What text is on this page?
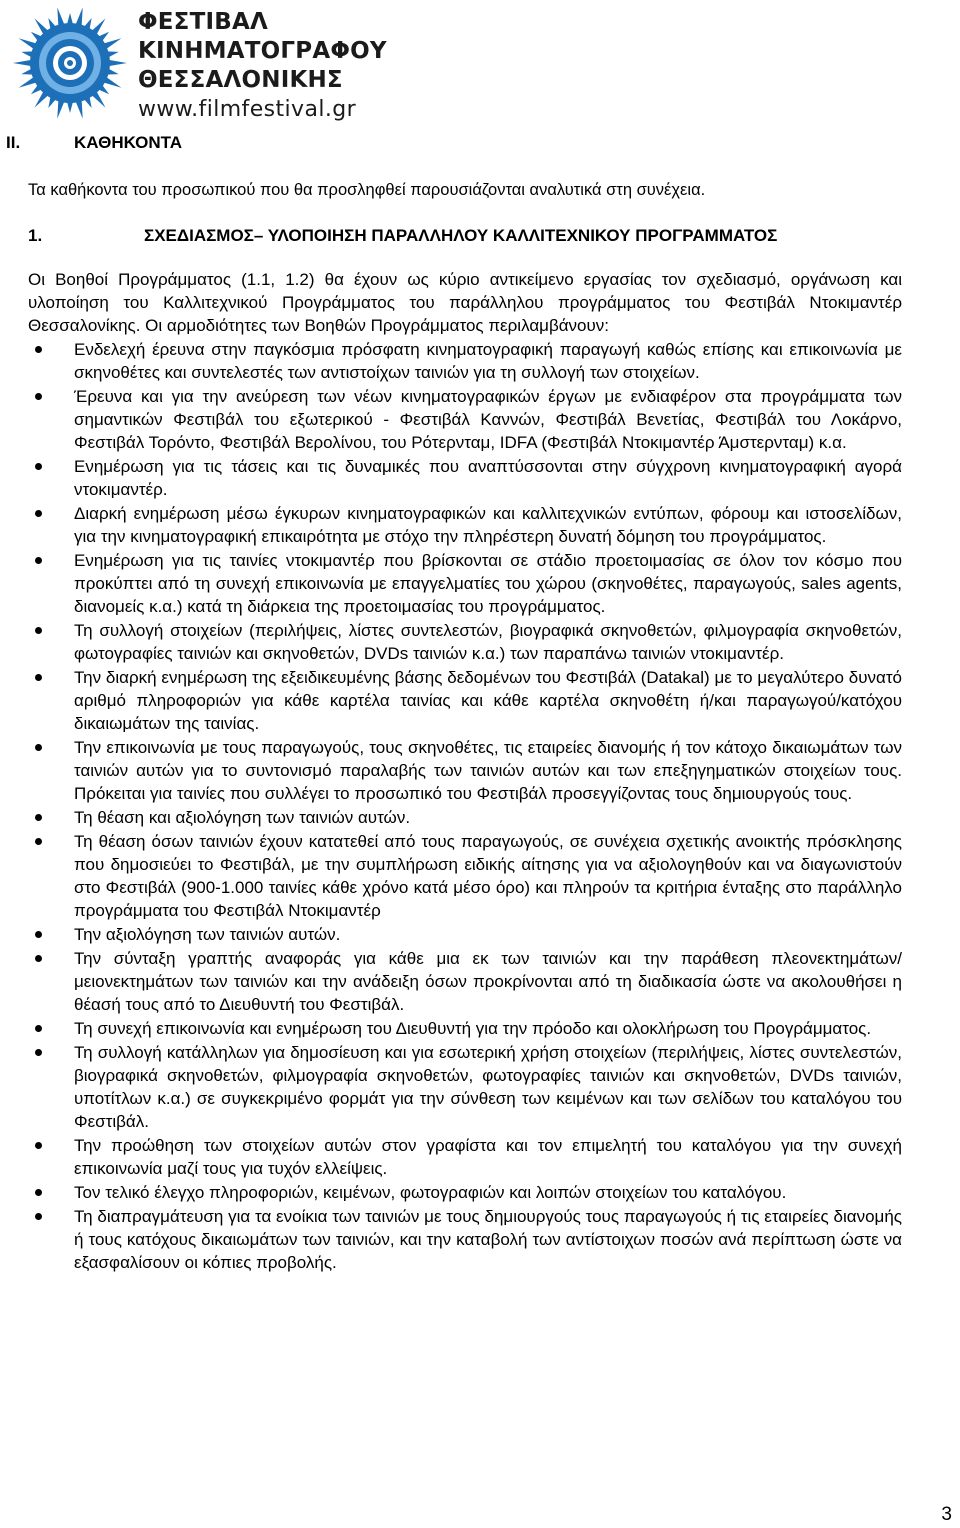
ΦΕΣΤΙΒΑΛ
ΚΙΝΗΜΑΤΟΓΡΑΦΟΥ
ΘΕΣΣΑΛΟΝΙΚΗΣ
www.filmfestival.gr
II.	ΚΑΘΗΚΟΝΤΑ

Τα καθήκοντα του προσωπικού που θα προσληφθεί παρουσιάζονται αναλυτικά στη συνέχεια.

1.	ΣΧΕΔΙΑΣΜΟΣ– ΥΛΟΠΟΙΗΣΗ ΠΑΡΑΛΛΗΛΟΥ ΚΑΛΛΙΤΕΧΝΙΚΟΥ ΠΡΟΓΡΑΜΜΑΤΟΣ

Οι Βοηθοί Προγράμματος (1.1, 1.2) θα έχουν ως κύριο αντικείμενο εργασίας τον σχεδιασμό, οργάνωση και υλοποίηση του Καλλιτεχνικού Προγράμματος του παράλληλου προγράμματος του Φεστιβάλ Ντοκιμαντέρ Θεσσαλονίκης. Οι αρμοδιότητες των Βοηθών Προγράμματος περιλαμβάνουν:

Ενδελεχή έρευνα στην παγκόσμια πρόσφατη κινηματογραφική παραγωγή καθώς επίσης και επικοινωνία με σκηνοθέτες και συντελεστές των αντιστοίχων ταινιών για τη συλλογή των στοιχείων.
Έρευνα και για την ανεύρεση των νέων κινηματογραφικών έργων με ενδιαφέρον στα προγράμματα των σημαντικών Φεστιβάλ του εξωτερικού - Φεστιβάλ Καννών, Φεστιβάλ Βενετίας, Φεστιβάλ του Λοκάρνο, Φεστιβάλ Τορόντο, Φεστιβάλ Βερολίνου, του Ρότερνταμ, IDFA (Φεστιβάλ Ντοκιμαντέρ Άμστερνταμ) κ.α.
Ενημέρωση για τις τάσεις και τις δυναμικές που αναπτύσσονται στην σύγχρονη κινηματογραφική αγορά ντοκιμαντέρ.
Διαρκή ενημέρωση μέσω έγκυρων κινηματογραφικών και καλλιτεχνικών εντύπων, φόρουμ και ιστοσελίδων, για την κινηματογραφική επικαιρότητα με στόχο την πληρέστερη δυνατή δόμηση του προγράμματος.
Ενημέρωση για τις ταινίες ντοκιμαντέρ που βρίσκονται σε στάδιο προετοιμασίας σε όλον τον κόσμο που προκύπτει από τη συνεχή επικοινωνία με επαγγελματίες του χώρου (σκηνοθέτες, παραγωγούς, sales agents, διανομείς κ.α.) κατά τη διάρκεια της προετοιμασίας του προγράμματος.
Τη συλλογή στοιχείων (περιλήψεις, λίστες συντελεστών, βιογραφικά σκηνοθετών, φιλμογραφία σκηνοθετών, φωτογραφίες ταινιών και σκηνοθετών, DVDs ταινιών κ.α.) των παραπάνω ταινιών ντοκιμαντέρ.
Την διαρκή ενημέρωση της εξειδικευμένης βάσης δεδομένων του Φεστιβάλ (Datakal) με το μεγαλύτερο δυνατό αριθμό πληροφοριών για κάθε καρτέλα ταινίας και κάθε καρτέλα σκηνοθέτη ή/και παραγωγού/κατόχου δικαιωμάτων της ταινίας.
Την επικοινωνία με τους παραγωγούς, τους σκηνοθέτες, τις εταιρείες διανομής ή τον κάτοχο δικαιωμάτων των ταινιών αυτών για το συντονισμό παραλαβής των ταινιών αυτών και των επεξηγηματικών στοιχείων τους. Πρόκειται για ταινίες που συλλέγει το προσωπικό του Φεστιβάλ προσεγγίζοντας τους δημιουργούς τους.
Τη θέαση και αξιολόγηση των ταινιών αυτών.
Τη θέαση όσων ταινιών έχουν κατατεθεί από τους παραγωγούς, σε συνέχεια σχετικής ανοικτής πρόσκλησης που δημοσιεύει το Φεστιβάλ, με την συμπλήρωση ειδικής αίτησης για να αξιολογηθούν και να διαγωνιστούν στο Φεστιβάλ (900-1.000 ταινίες κάθε χρόνο κατά μέσο όρο) και πληρούν τα κριτήρια ένταξης στο παράλληλο προγράμματα του Φεστιβάλ Ντοκιμαντέρ
Την αξιολόγηση των ταινιών αυτών.
Την σύνταξη γραπτής αναφοράς για κάθε μια εκ των ταινιών και την παράθεση πλεονεκτημάτων/μειονεκτημάτων των ταινιών και την ανάδειξη όσων προκρίνονται από τη διαδικασία ώστε να ακολουθήσει η θέασή τους από το Διευθυντή του Φεστιβάλ.
Τη συνεχή επικοινωνία και ενημέρωση του Διευθυντή για την πρόοδο και ολοκλήρωση του Προγράμματος.
Τη συλλογή κατάλληλων για δημοσίευση και για εσωτερική χρήση στοιχείων (περιλήψεις, λίστες συντελεστών, βιογραφικά σκηνοθετών, φιλμογραφία σκηνοθετών, φωτογραφίες ταινιών και σκηνοθετών, DVDs ταινιών, υποτίτλων κ.α.) σε συγκεκριμένο φορμάτ για την σύνθεση των κειμένων και των σελίδων του καταλόγου του Φεστιβάλ.
Την προώθηση των στοιχείων αυτών στον γραφίστα και τον επιμελητή του καταλόγου για την συνεχή επικοινωνία μαζί τους για τυχόν ελλείψεις.
Τον τελικό έλεγχο πληροφοριών, κειμένων, φωτογραφιών και λοιπών στοιχείων του καταλόγου.
Τη διαπραγμάτευση για τα ενοίκια των ταινιών με τους δημιουργούς τους παραγωγούς ή τις εταιρείες διανομής ή τους κατόχους δικαιωμάτων των ταινιών, και την καταβολή των αντίστοιχων ποσών ανά περίπτωση ώστε να εξασφαλίσουν οι κόπιες προβολής.
3
